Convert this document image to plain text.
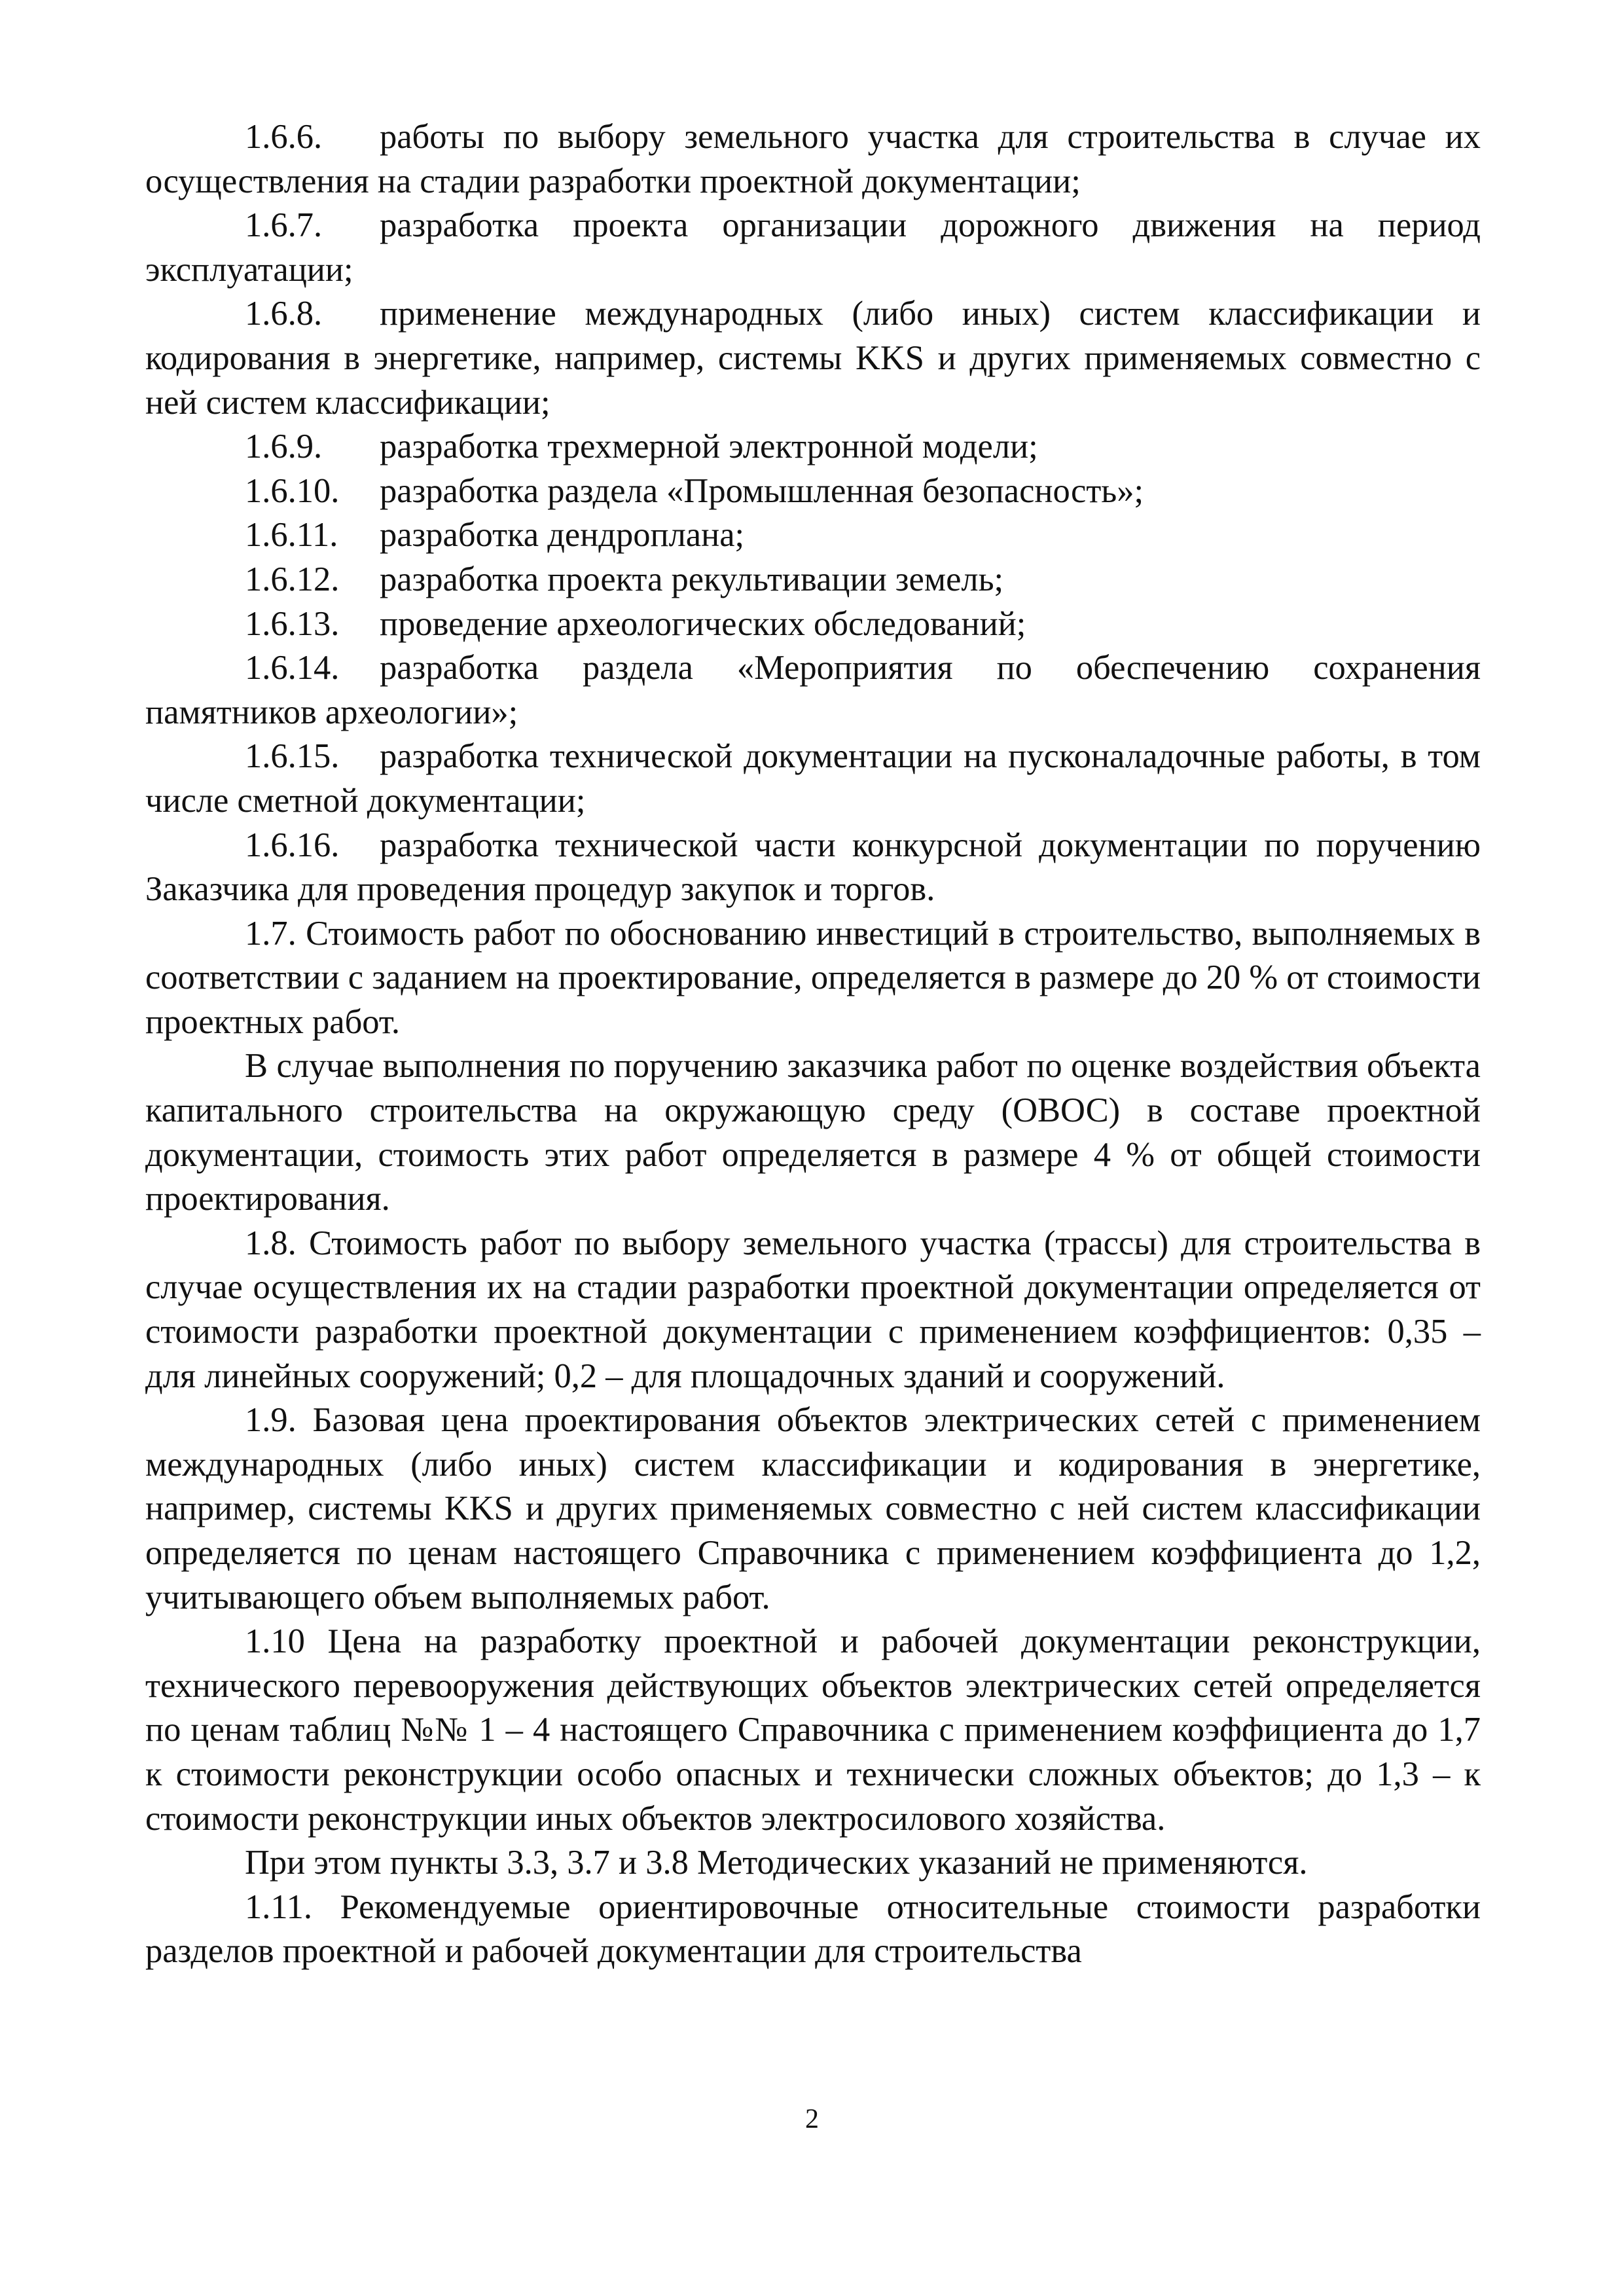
1.6.6. работы по выбору земельного участка для строительства в случае их осуществления на стадии разработки проектной документации;

1.6.7. разработка проекта организации дорожного движения на период эксплуатации;

1.6.8. применение международных (либо иных) систем классификации и кодирования в энергетике, например, системы KKS и других применяемых совместно с ней систем классификации;

1.6.9. разработка трехмерной электронной модели;

1.6.10. разработка раздела «Промышленная безопасность»;

1.6.11. разработка дендроплана;

1.6.12. разработка проекта рекультивации земель;

1.6.13. проведение археологических обследований;

1.6.14. разработка раздела «Мероприятия по обеспечению сохранения памятников археологии»;

1.6.15. разработка технической документации на пусконаладочные работы, в том числе сметной документации;

1.6.16. разработка технической части конкурсной документации по поручению Заказчика для проведения процедур закупок и торгов.

1.7. Стоимость работ по обоснованию инвестиций в строительство, выполняемых в соответствии с заданием на проектирование, определяется в размере до 20 % от стоимости проектных работ.

В случае выполнения по поручению заказчика работ по оценке воздействия объекта капитального строительства на окружающую среду (ОВОС) в составе проектной документации, стоимость этих работ определяется в размере 4 % от общей стоимости проектирования.

1.8. Стоимость работ по выбору земельного участка (трассы) для строительства в случае осуществления их на стадии разработки проектной документации определяется от стоимости разработки проектной документации с применением коэффициентов: 0,35 – для линейных сооружений; 0,2 – для площадочных зданий и сооружений.

1.9. Базовая цена проектирования объектов электрических сетей с применением международных (либо иных) систем классификации и кодирования в энергетике, например, системы KKS и других применяемых совместно с ней систем классификации определяется по ценам настоящего Справочника с применением коэффициента до 1,2, учитывающего объем выполняемых работ.

1.10 Цена на разработку проектной и рабочей документации реконструкции, технического перевооружения действующих объектов электрических сетей определяется по ценам таблиц №№ 1 – 4 настоящего Справочника с применением коэффициента до 1,7 к стоимости реконструкции особо опасных и технически сложных объектов; до 1,3 – к стоимости реконструкции иных объектов электросилового хозяйства.

При этом пункты 3.3, 3.7 и 3.8 Методических указаний не применяются.

1.11. Рекомендуемые ориентировочные относительные стоимости разработки разделов проектной и рабочей документации для строительства

2
